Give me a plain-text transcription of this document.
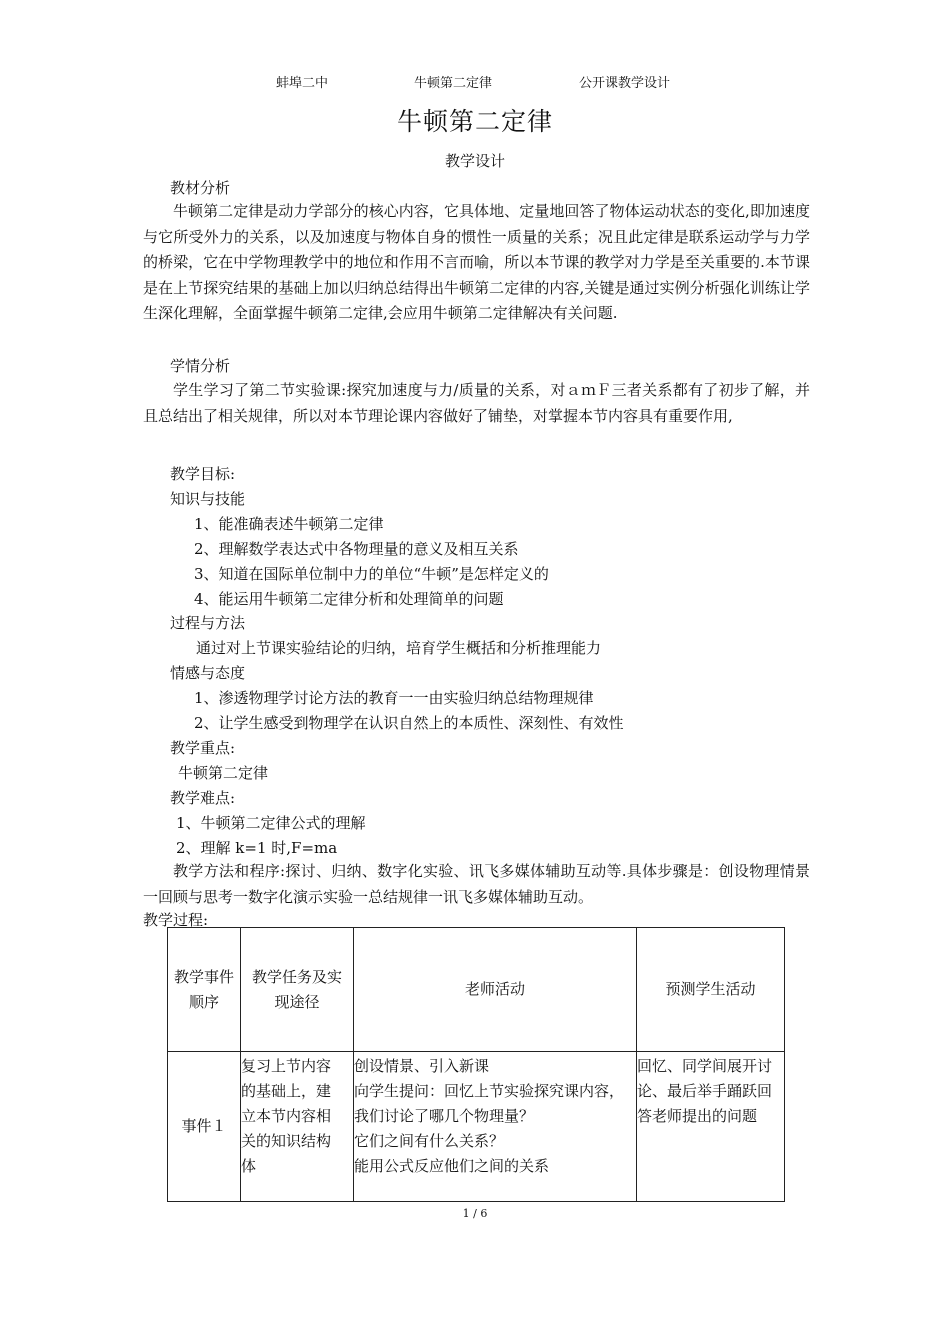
蚌埠二中	牛顿第二定律	公开课教学设计
牛顿第二定律
教学设计
教材分析
牛顿第二定律是动力学部分的核心内容，它具体地、定量地回答了物体运动状态的变化,即加速度与它所受外力的关系，以及加速度与物体自身的惯性一质量的关系；况且此定律是联系运动学与力学的桥梁，它在中学物理教学中的地位和作用不言而喻，所以本节课的教学对力学是至关重要的.本节课是在上节探究结果的基础上加以归纳总结得出牛顿第二定律的内容,关键是通过实例分析强化训练让学生深化理解，全面掌握牛顿第二定律,会应用牛顿第二定律解决有关问题.
学情分析
学生学习了第二节实验课:探究加速度与力/质量的关系，对ａｍＦ三者关系都有了初步了解，并且总结出了相关规律，所以对本节理论课内容做好了铺垫，对掌握本节内容具有重要作用,
教学目标:
知识与技能
1、能准确表述牛顿第二定律
2、理解数学表达式中各物理量的意义及相互关系
3、知道在国际单位制中力的单位“牛顿”是怎样定义的
4、能运用牛顿第二定律分析和处理简单的问题
过程与方法
通过对上节课实验结论的归纳，培育学生概括和分析推理能力
情感与态度
1、渗透物理学讨论方法的教育一一由实验归纳总结物理规律
2、让学生感受到物理学在认识自然上的本质性、深刻性、有效性
教学重点:
牛顿第二定律
教学难点:
1、牛顿第二定律公式的理解
2、理解 k=1 时,F=ma
教学方法和程序:探讨、归纳、数字化实验、讯飞多媒体辅助互动等.具体步骤是：创设物理情景一回顾与思考一数字化演示实验一总结规律一讯飞多媒体辅助互动。
教学过程:
教学事件顺序	教学任务及实现途径	老师活动	预测学生活动
事件１	复习上节内容的基础上，建立本节内容相关的知识结构体	创设情景、引入新课
向学生提问：回忆上节实验探究课内容，我们讨论了哪几个物理量？
它们之间有什么关系？
能用公式反应他们之间的关系	回忆、同学间展开讨论、最后举手踊跃回答老师提出的问题
1 / 6
